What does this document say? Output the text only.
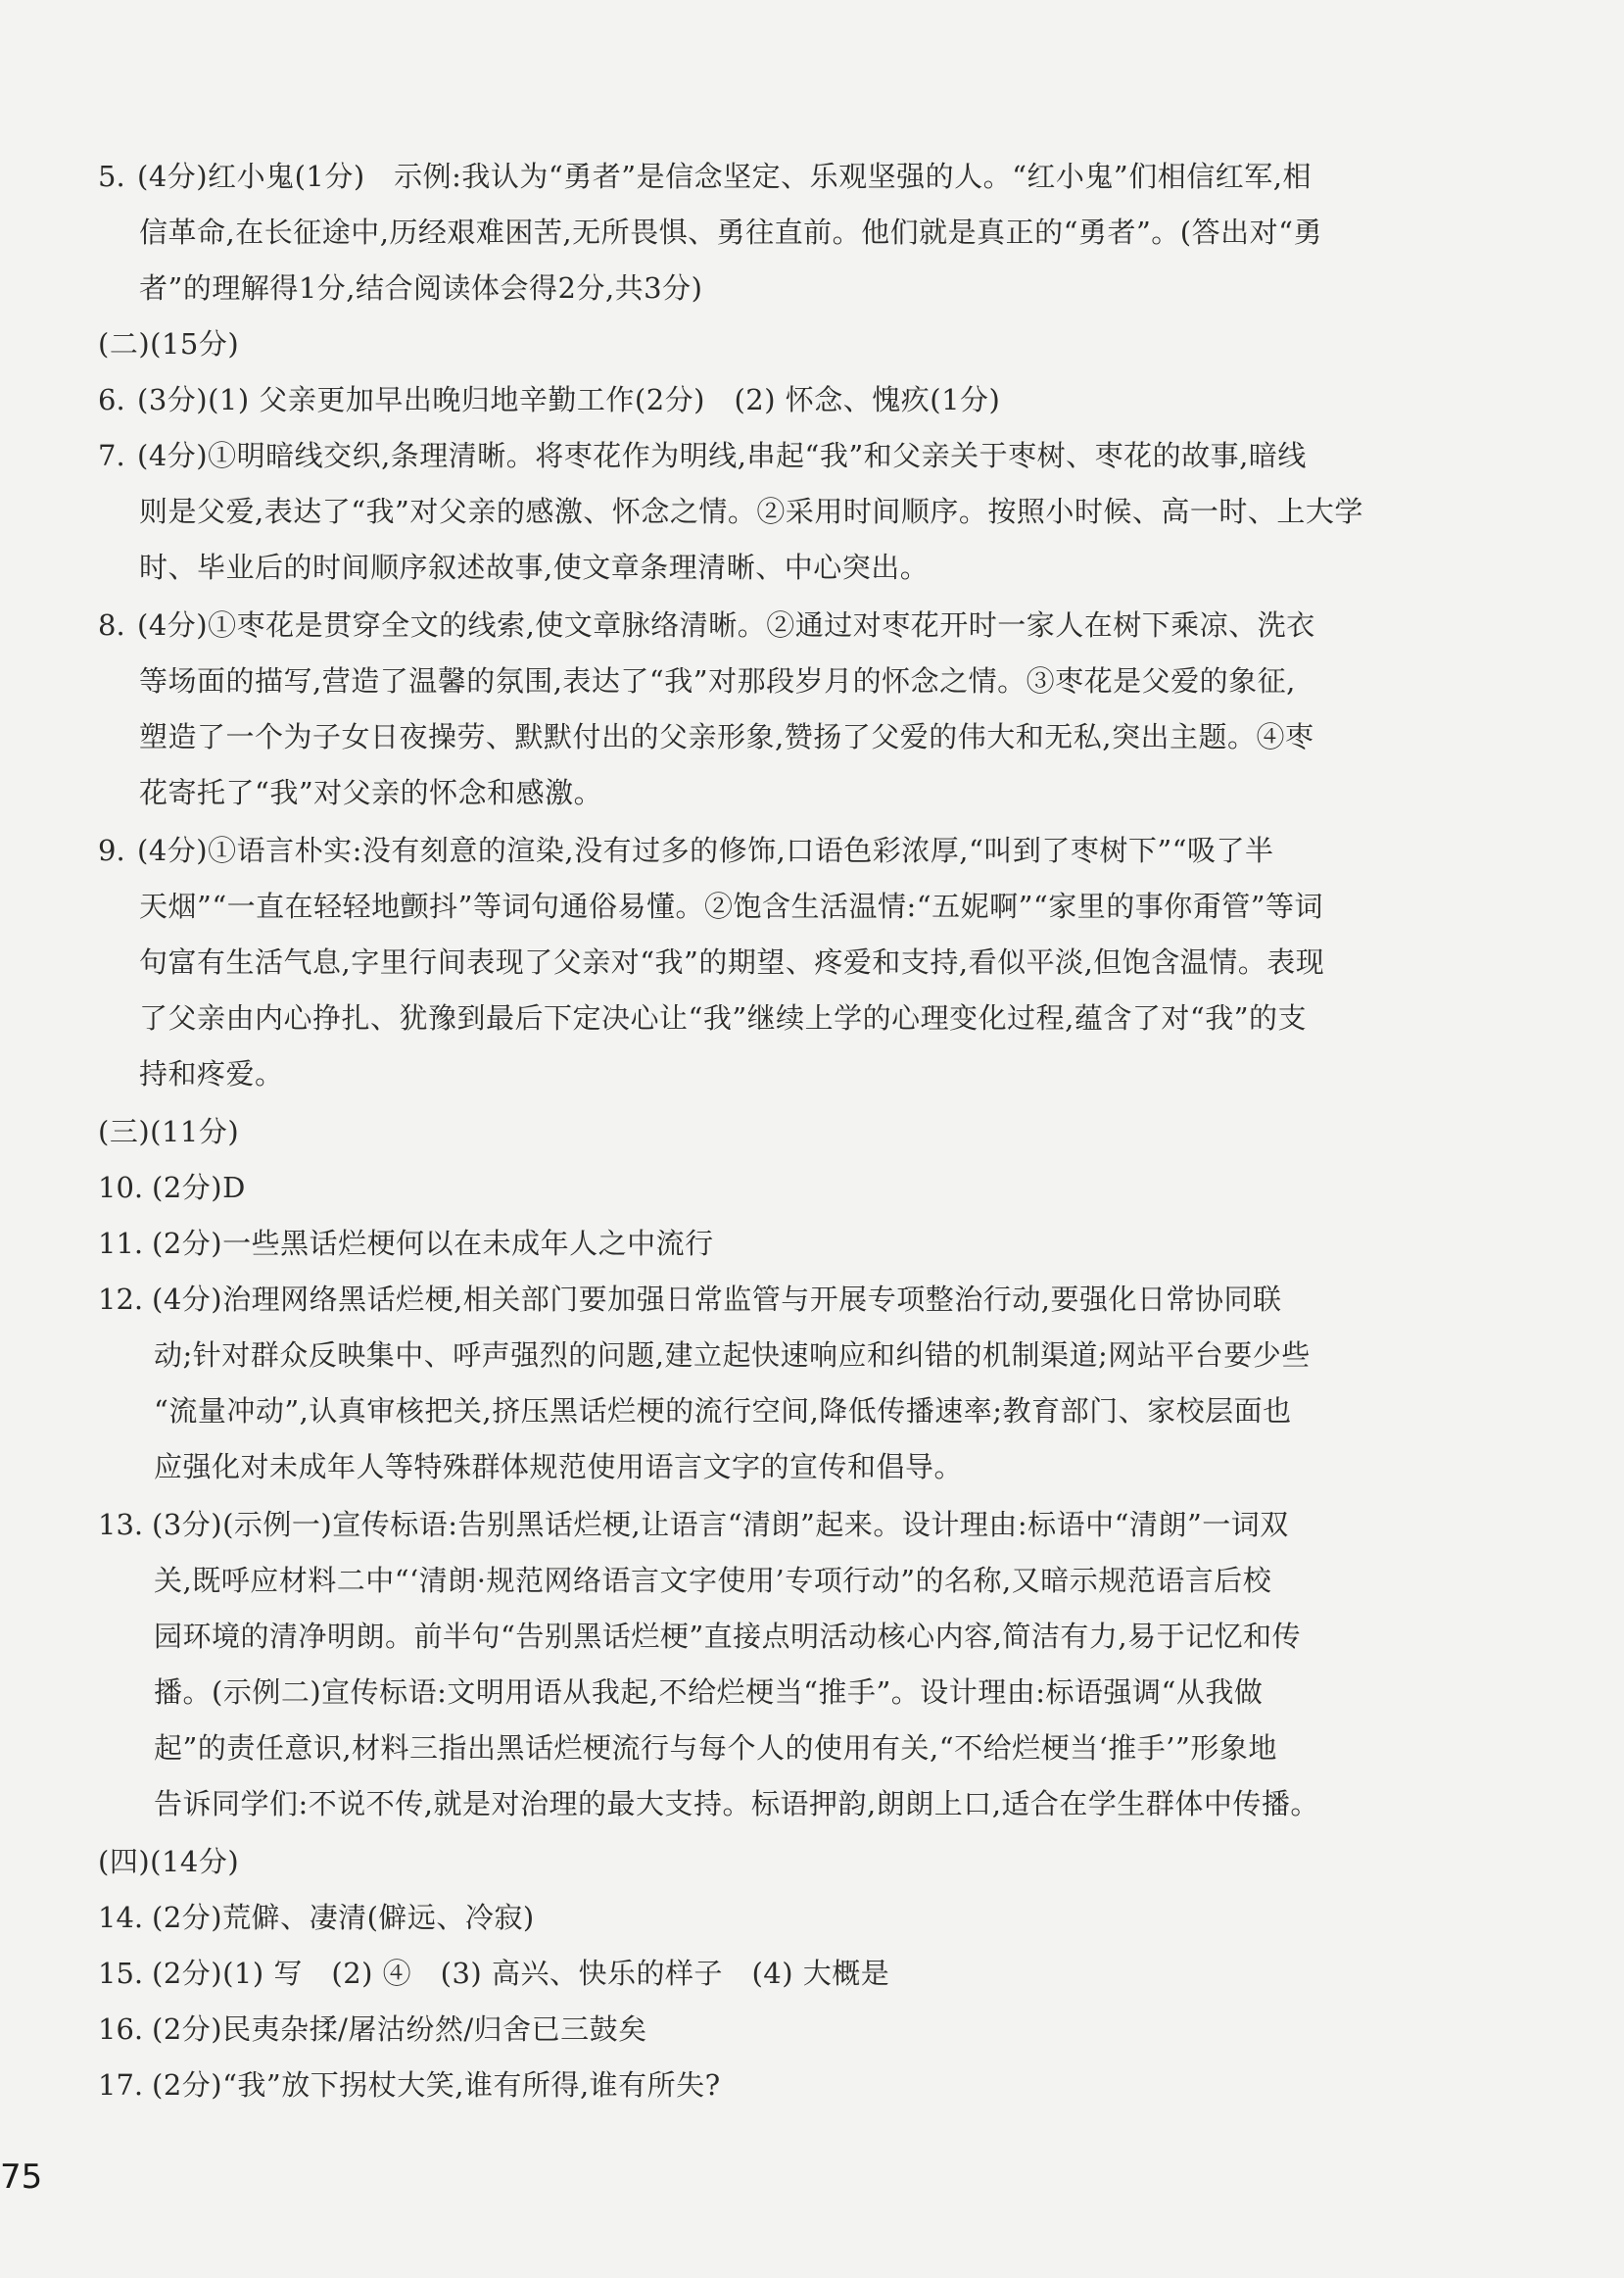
5. (4分)红小鬼(1分)　示例:我认为“勇者”是信念坚定、乐观坚强的人。“红小鬼”们相信红军,相
信革命,在长征途中,历经艰难困苦,无所畏惧、勇往直前。他们就是真正的“勇者”。(答出对“勇
者”的理解得1分,结合阅读体会得2分,共3分)
(二)(15分)
6. (3分)(1) 父亲更加早出晚归地辛勤工作(2分)　(2) 怀念、愧疚(1分)
7. (4分)①明暗线交织,条理清晰。将枣花作为明线,串起“我”和父亲关于枣树、枣花的故事,暗线
则是父爱,表达了“我”对父亲的感激、怀念之情。②采用时间顺序。按照小时候、高一时、上大学
时、毕业后的时间顺序叙述故事,使文章条理清晰、中心突出。
8. (4分)①枣花是贯穿全文的线索,使文章脉络清晰。②通过对枣花开时一家人在树下乘凉、洗衣
等场面的描写,营造了温馨的氛围,表达了“我”对那段岁月的怀念之情。③枣花是父爱的象征,
塑造了一个为子女日夜操劳、默默付出的父亲形象,赞扬了父爱的伟大和无私,突出主题。④枣
花寄托了“我”对父亲的怀念和感激。
9. (4分)①语言朴实:没有刻意的渲染,没有过多的修饰,口语色彩浓厚,“叫到了枣树下”“吸了半
天烟”“一直在轻轻地颤抖”等词句通俗易懂。②饱含生活温情:“五妮啊”“家里的事你甭管”等词
句富有生活气息,字里行间表现了父亲对“我”的期望、疼爱和支持,看似平淡,但饱含温情。表现
了父亲由内心挣扎、犹豫到最后下定决心让“我”继续上学的心理变化过程,蕴含了对“我”的支
持和疼爱。
(三)(11分)
10. (2分)D
11. (2分)一些黑话烂梗何以在未成年人之中流行
12. (4分)治理网络黑话烂梗,相关部门要加强日常监管与开展专项整治行动,要强化日常协同联
动;针对群众反映集中、呼声强烈的问题,建立起快速响应和纠错的机制渠道;网站平台要少些
“流量冲动”,认真审核把关,挤压黑话烂梗的流行空间,降低传播速率;教育部门、家校层面也
应强化对未成年人等特殊群体规范使用语言文字的宣传和倡导。
13. (3分)(示例一)宣传标语:告别黑话烂梗,让语言“清朗”起来。设计理由:标语中“清朗”一词双
关,既呼应材料二中“‘清朗·规范网络语言文字使用’专项行动”的名称,又暗示规范语言后校
园环境的清净明朗。前半句“告别黑话烂梗”直接点明活动核心内容,简洁有力,易于记忆和传
播。(示例二)宣传标语:文明用语从我起,不给烂梗当“推手”。设计理由:标语强调“从我做
起”的责任意识,材料三指出黑话烂梗流行与每个人的使用有关,“不给烂梗当‘推手’”形象地
告诉同学们:不说不传,就是对治理的最大支持。标语押韵,朗朗上口,适合在学生群体中传播。
(四)(14分)
14. (2分)荒僻、凄清(僻远、冷寂)
15. (2分)(1) 写　(2) ④　(3) 高兴、快乐的样子　(4) 大概是
16. (2分)民夷杂揉/屠沽纷然/归舍已三鼓矣
17. (2分)“我”放下拐杖大笑,谁有所得,谁有所失?
75
